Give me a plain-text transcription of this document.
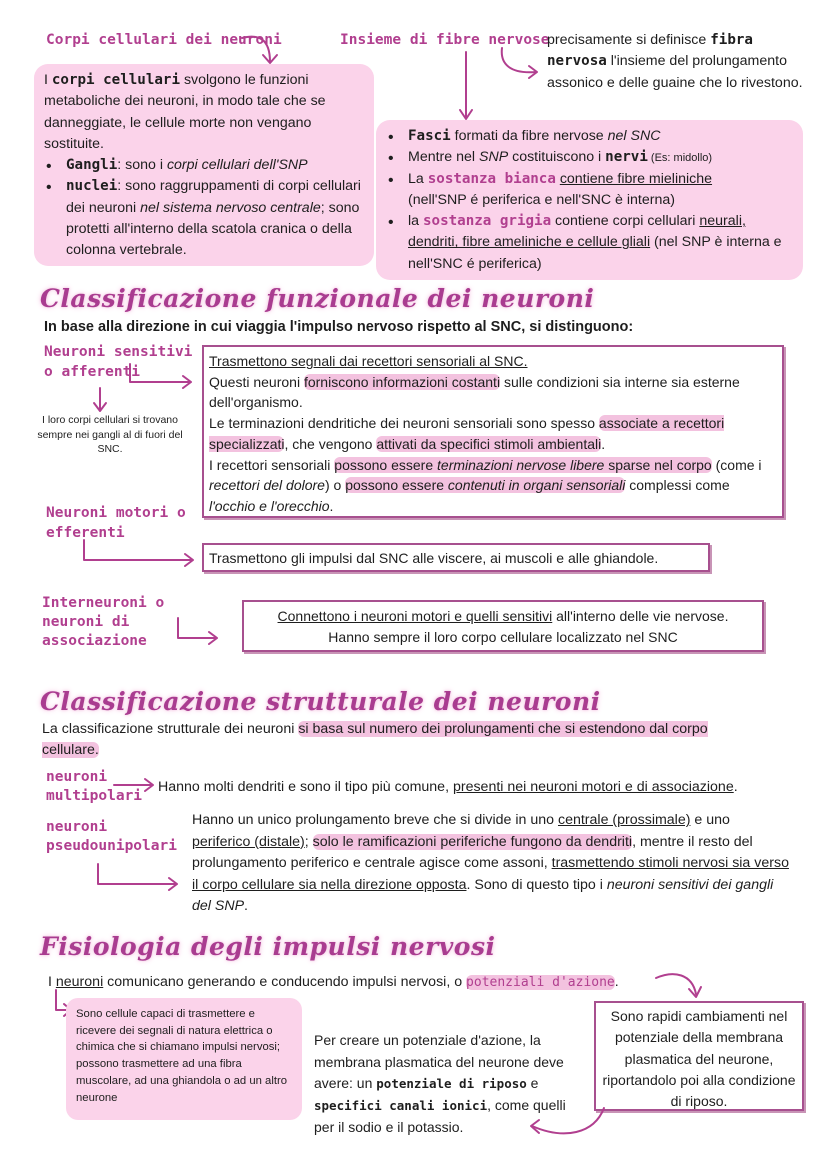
Corpi cellulari dei neuroni	Insieme di fibre nervose
precisamente si definisce fibra nervosa l'insieme del prolungamento assonico e delle guaine che lo rivestono.
I corpi cellulari svolgono le funzioni metaboliche dei neuroni, in modo tale che se danneggiate, le cellule morte non vengano sostituite.
• Gangli: sono i corpi cellulari dell'SNP
• nuclei: sono raggruppamenti di corpi cellulari dei neuroni nel sistema nervoso centrale; sono protetti all'interno della scatola cranica o della colonna vertebrale.
• Fasci formati da fibre nervose nel SNC
• Mentre nel SNP costituiscono i nervi (Es: midollo)
• La sostanza bianca contiene fibre mieliniche
(nell'SNP é periferica e nell'SNC è interna)
• la sostanza grigia contiene corpi cellulari neurali, dendriti, fibre ameliniche e cellule gliali (nel SNP è interna e nell'SNC é periferica)
Classificazione funzionale dei neuroni
In base alla direzione in cui viaggia l'impulso nervoso rispetto al SNC, si distinguono:
Neuroni sensitivi o afferenti
I loro corpi cellulari si trovano sempre nei gangli al di fuori del SNC.
Trasmettono segnali dai recettori sensoriali al SNC.
Questi neuroni forniscono informazioni costanti sulle condizioni sia interne sia esterne dell'organismo.
Le terminazioni dendritiche dei neuroni sensoriali sono spesso associate a recettori specializzati, che vengono attivati da specifici stimoli ambientali.
I recettori sensoriali possono essere terminazioni nervose libere sparse nel corpo (come i recettori del dolore) o possono essere contenuti in organi sensoriali complessi come l'occhio e l'orecchio.
Neuroni motori o efferenti
Trasmettono gli impulsi dal SNC alle viscere, ai muscoli e alle ghiandole.
Interneuroni o neuroni di associazione
Connettono i neuroni motori e quelli sensitivi all'interno delle vie nervose.
Hanno sempre il loro corpo cellulare localizzato nel SNC
Classificazione strutturale dei neuroni
La classificazione strutturale dei neuroni si basa sul numero dei prolungamenti che si estendono dal corpo cellulare.
neuroni multipolari
Hanno molti dendriti e sono il tipo più comune, presenti nei neuroni motori e di associazione.
neuroni pseudounipolari
Hanno un unico prolungamento breve che si divide in uno centrale (prossimale) e uno periferico (distale); solo le ramificazioni periferiche fungono da dendriti, mentre il resto del prolungamento periferico e centrale agisce come assoni, trasmettendo stimoli nervosi sia verso il corpo cellulare sia nella direzione opposta. Sono di questo tipo i neuroni sensitivi dei gangli del SNP.
Fisiologia degli impulsi nervosi
I neuroni comunicano generando e conducendo impulsi nervosi, o potenziali d'azione.
Sono cellule capaci di trasmettere e ricevere dei segnali di natura elettrica o chimica che si chiamano impulsi nervosi; possono trasmettere ad una fibra muscolare, ad una ghiandola o ad un altro neurone
Per creare un potenziale d'azione, la membrana plasmatica del neurone deve avere: un potenziale di riposo e specifici canali ionici, come quelli per il sodio e il potassio.
Sono rapidi cambiamenti nel potenziale della membrana plasmatica del neurone, riportandolo poi alla condizione di riposo.
